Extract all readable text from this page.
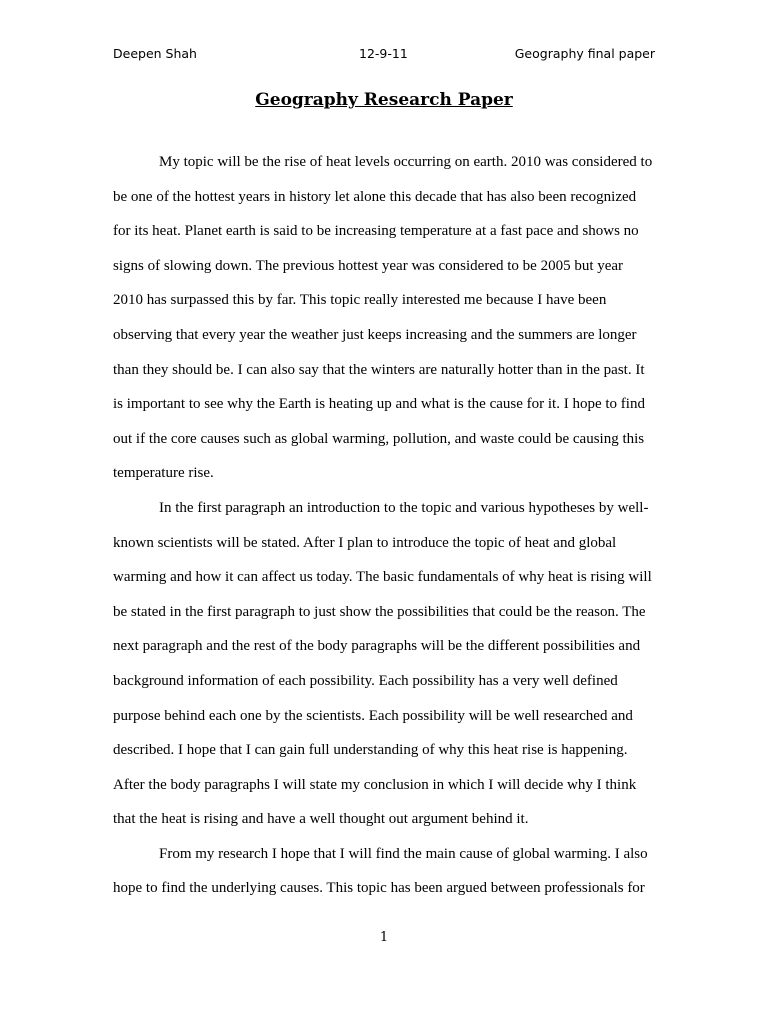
Deepen Shah	12-9-11	Geography final paper
Geography Research Paper

My topic will be the rise of heat levels occurring on earth. 2010 was considered to be one of the hottest years in history let alone this decade that has also been recognized for its heat. Planet earth is said to be increasing temperature at a fast pace and shows no signs of slowing down. The previous hottest year was considered to be 2005 but year 2010 has surpassed this by far. This topic really interested me because I have been observing that every year the weather just keeps increasing and the summers are longer than they should be. I can also say that the winters are naturally hotter than in the past. It is important to see why the Earth is heating up and what is the cause for it. I hope to find out if the core causes such as global warming, pollution, and waste could be causing this temperature rise.

In the first paragraph an introduction to the topic and various hypotheses by well-known scientists will be stated. After I plan to introduce the topic of heat and global warming and how it can affect us today. The basic fundamentals of why heat is rising will be stated in the first paragraph to just show the possibilities that could be the reason. The next paragraph and the rest of the body paragraphs will be the different possibilities and background information of each possibility. Each possibility has a very well defined purpose behind each one by the scientists. Each possibility will be well researched and described. I hope that I can gain full understanding of why this heat rise is happening. After the body paragraphs I will state my conclusion in which I will decide why I think that the heat is rising and have a well thought out argument behind it.

From my research I hope that I will find the main cause of global warming. I also hope to find the underlying causes. This topic has been argued between professionals for

1
